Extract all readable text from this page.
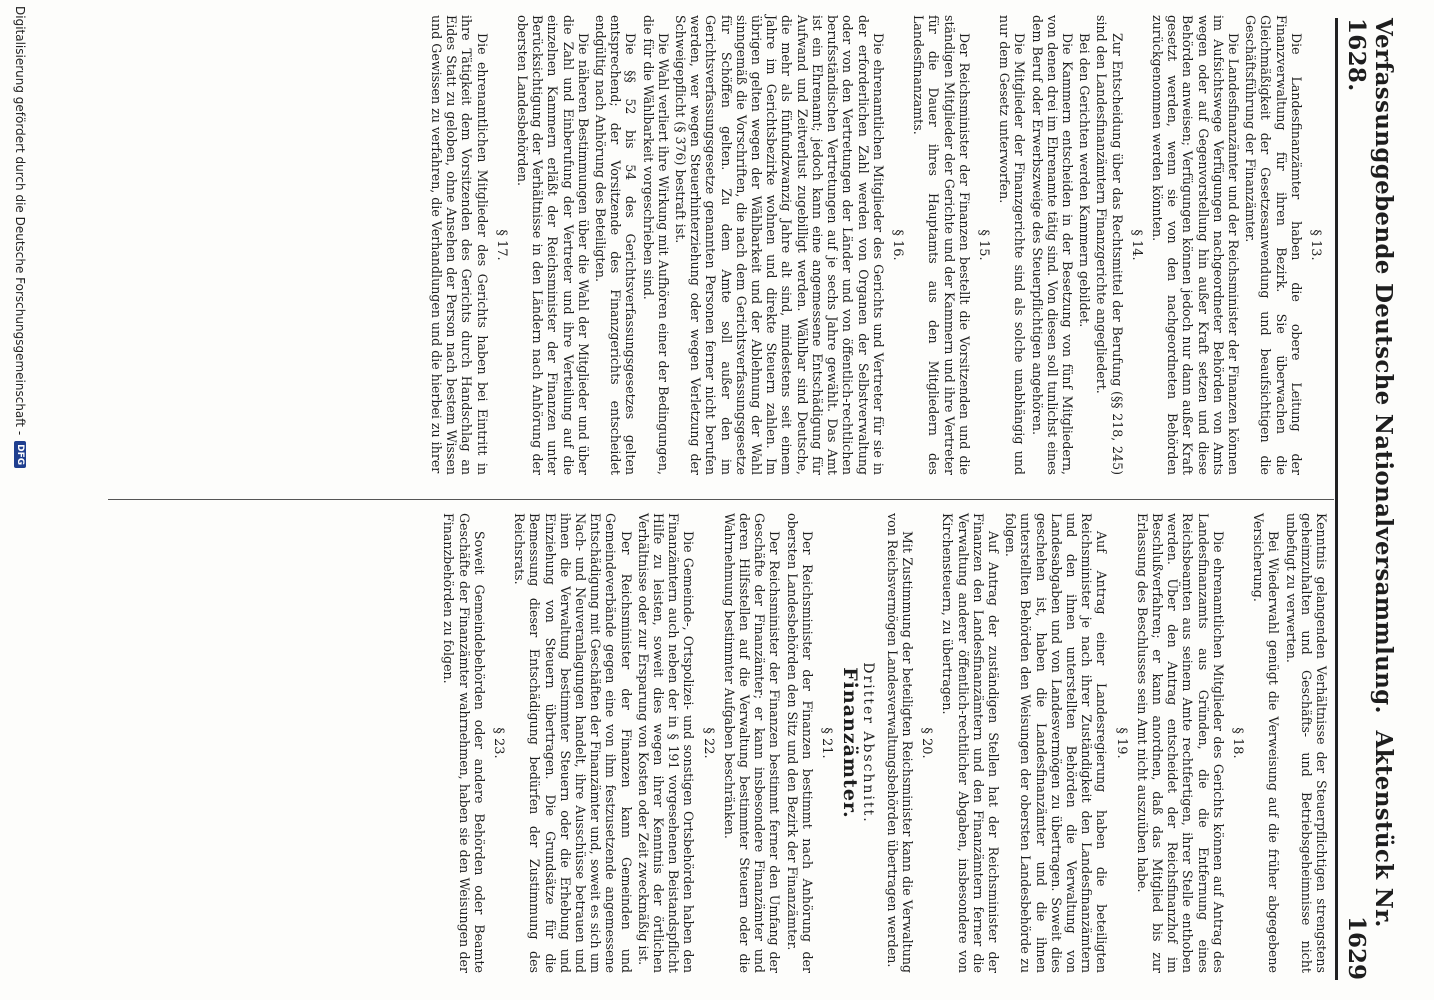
Verfassunggebende Deutsche Nationalversammlung.  Aktenstück Nr. 1628.
1629
§ 13.

Die Landesfinanzämter haben die obere Leitung der Finanzverwaltung für ihren Bezirk. Sie überwachen die Gleichmäßigkeit der Gesetzesanwendung und beaufsichtigen die Geschäftsführung der Finanzämter.

Die Landesfinanzämter und der Reichsminister der Finanzen können im Aufsichtswege Verfügungen nachgeordneter Behörden von Amts wegen oder auf Gegenvorstellung hin außer Kraft setzen und diese Behörden anweisen; Verfügungen können jedoch nur dann außer Kraft gesetzt werden, wenn sie von den nachgeordneten Behörden zurückgenommen werden könnten.

§ 14.

Zur Entscheidung über das Rechtsmittel der Berufung (§§ 218, 245) sind den Landesfinanzämtern Finanzgerichte angegliedert.

Bei den Gerichten werden Kammern gebildet.

Die Kammern entscheiden in der Besetzung von fünf Mitgliedern, von denen drei im Ehrenamte tätig sind. Von diesen soll tunlichst eines dem Beruf oder Erwerbszweige des Steuerpflichtigen angehören.

Die Mitglieder der Finanzgerichte sind als solche unabhängig und nur dem Gesetz unterworfen.

§ 15.

Der Reichsminister der Finanzen bestellt die Vorsitzenden und die ständigen Mitglieder der Gerichte und der Kammern und ihre Vertreter für die Dauer ihres Hauptamts aus den Mitgliedern des Landesfinanzamts.

§ 16.

Die ehrenamtlichen Mitglieder des Gerichts und Vertreter für sie in der erforderlichen Zahl werden von Organen der Selbstverwaltung oder von den Vertretungen der Länder und von öffentlich-rechtlichen berufsständischen Vertretungen auf je sechs Jahre gewählt. Das Amt ist ein Ehrenamt; jedoch kann eine angemessene Entschädigung für Aufwand und Zeitverlust zugebilligt werden. Wählbar sind Deutsche, die mehr als fünfundzwanzig Jahre alt sind, mindestens seit einem Jahre im Gerichtsbezirke wohnen und direkte Steuern zahlen. Im übrigen gelten wegen der Wählbarkeit und der Ablehnung der Wahl sinngemäß die Vorschriften, die nach dem Gerichtsverfassungsgesetze für Schöffen gelten. Zu dem Amte soll außer den im Gerichtsverfassungsgesetze genannten Personen ferner nicht berufen werden, wer wegen Steuerhinterziehung oder wegen Verletzung der Schweigepflicht (§ 376) bestraft ist.

Die Wahl verliert ihre Wirkung mit Aufhören einer der Bedingungen, die für die Wählbarkeit vorgeschrieben sind.

Die §§ 52 bis 54 des Gerichtsverfassungsgesetzes gelten entsprechend; der Vorsitzende des Finanzgerichts entscheidet endgültig nach Anhörung des Beteiligten.

Die näheren Bestimmungen über die Wahl der Mitglieder und über die Zahl und Einberufung der Vertreter und ihre Verteilung auf die einzelnen Kammern erläßt der Reichsminister der Finanzen unter Berücksichtigung der Verhältnisse in den Ländern nach Anhörung der obersten Landesbehörden.

§ 17.

Die ehrenamtlichen Mitglieder des Gerichts haben bei Eintritt in ihre Tätigkeit dem Vorsitzenden des Gerichts durch Handschlag an Eides Statt zu geloben, ohne Ansehen der Person nach bestem Wissen und Gewissen zu verfahren, die Verhandlungen und die hierbei zu ihrer

Kenntnis gelangenden Verhältnisse der Steuerpflichtigen strengstens geheimzuhalten und Geschäfts- und Betriebsgeheimnisse nicht unbefugt zu verwerten.

Bei Wiederwahl genügt die Verweisung auf die früher abgegebene Versicherung.

§ 18.

Die ehrenamtlichen Mitglieder des Gerichts können auf Antrag des Landesfinanzamts aus Gründen, die die Entfernung eines Reichsbeamten aus seinem Amte rechtfertigen, ihrer Stelle enthoben werden. Über den Antrag entscheidet der Reichsfinanzhof im Beschlußverfahren; er kann anordnen, daß das Mitglied bis zur Erlassung des Beschlusses sein Amt nicht auszuüben habe.

§ 19.

Auf Antrag einer Landesregierung haben die beteiligten Reichsminister je nach ihrer Zuständigkeit den Landesfinanzämtern und den ihnen unterstellten Behörden die Verwaltung von Landesabgaben und von Landesvermögen zu übertragen. Soweit dies geschehen ist, haben die Landesfinanzämter und die ihnen unterstellten Behörden den Weisungen der obersten Landesbehörde zu folgen.

Auf Antrag der zuständigen Stellen hat der Reichsminister der Finanzen den Landesfinanzämtern und den Finanzämtern ferner die Verwaltung anderer öffentlich-rechtlicher Abgaben, insbesondere von Kirchensteuern, zu übertragen.

§ 20.

Mit Zustimmung der beteiligten Reichsminister kann die Verwaltung von Reichsvermögen Landesverwaltungsbehörden übertragen werden.

Dritter Abschnitt.
Finanzämter.
§ 21.

Der Reichsminister der Finanzen bestimmt nach Anhörung der obersten Landesbehörden den Sitz und den Bezirk der Finanzämter.

Der Reichsminister der Finanzen bestimmt ferner den Umfang der Geschäfte der Finanzämter; er kann insbesondere Finanzämter und deren Hilfsstellen auf die Verwaltung bestimmter Steuern oder die Wahrnehmung bestimmter Aufgaben beschränken.

§ 22.

Die Gemeinde-, Ortspolizei- und sonstigen Ortsbehörden haben den Finanzämtern auch neben der in § 191 vorgesehenen Beistandspflicht Hilfe zu leisten, soweit dies wegen ihrer Kenntnis der örtlichen Verhältnisse oder zur Ersparung von Kosten oder Zeit zweckmäßig ist.

Der Reichsminister der Finanzen kann Gemeinden und Gemeindeverbände gegen eine von ihm festzusetzende angemessene Entschädigung mit Geschäften der Finanzämter und, soweit es sich um Nach- und Neuveranlagungen handelt, ihre Ausschüsse betrauen und ihnen die Verwaltung bestimmter Steuern oder die Erhebung und Einziehung von Steuern übertragen. Die Grundsätze für die Bemessung dieser Entschädigung bedürfen der Zustimmung des Reichsrats.

§ 23.

Soweit Gemeindebehörden oder andere Behörden oder Beamte Geschäfte der Finanzämter wahrnehmen, haben sie den Weisungen der Finanzbehörden zu folgen.

Digitalisierung gefördert durch die Deutsche Forschungsgemeinschaft -
DFG
